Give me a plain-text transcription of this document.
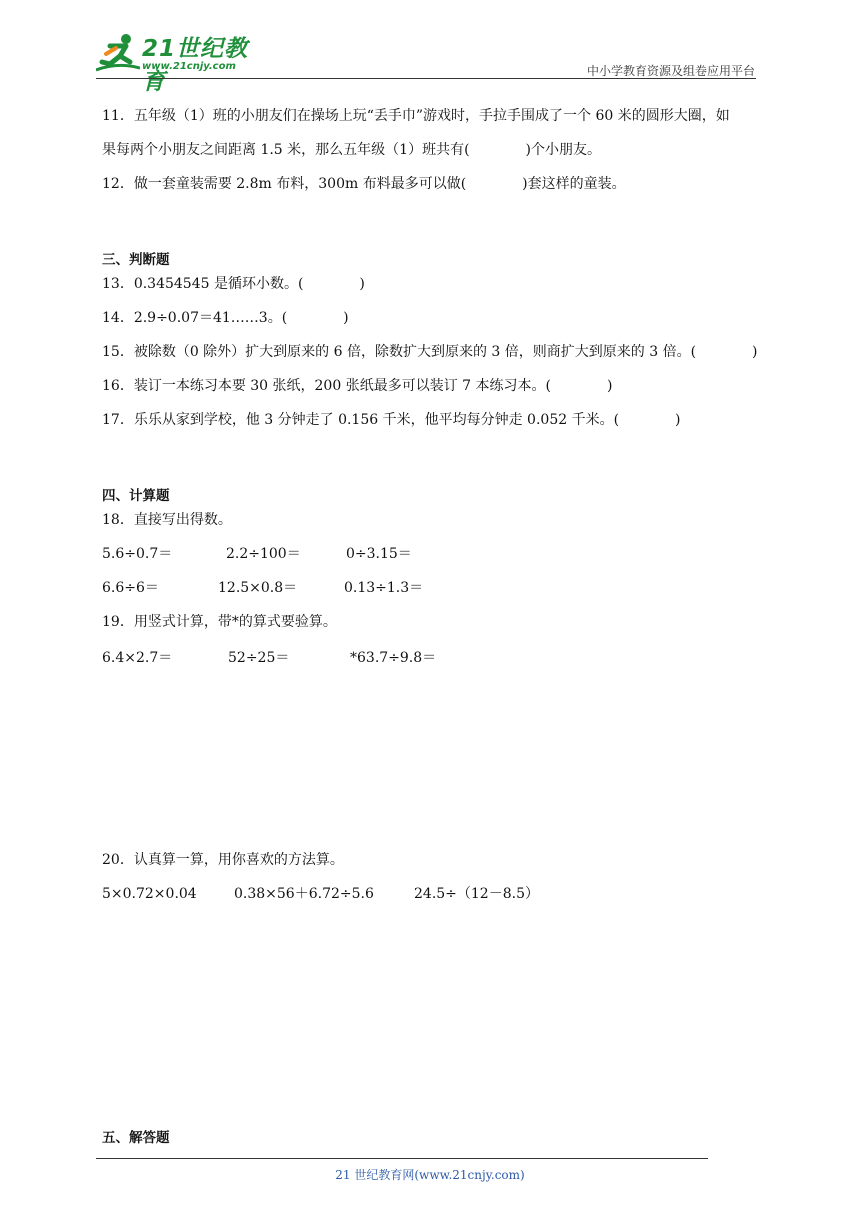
21世纪教育
www.21cnjy.com	中小学教育资源及组卷应用平台
11．五年级（1）班的小朋友们在操场上玩“丢手巾”游戏时，手拉手围成了一个 60 米的圆形大圈，如
果每两个小朋友之间距离 1.5 米，那么五年级（1）班共有(　　　　)个小朋友。
12．做一套童装需要 2.8m 布料，300m 布料最多可以做(　　　　)套这样的童装。
三、判断题
13．0.3454545 是循环小数。(　　　　)
14．2.9÷0.07＝41……3。(　　　　)
15．被除数（0 除外）扩大到原来的 6 倍，除数扩大到原来的 3 倍，则商扩大到原来的 3 倍。(　　　　)
16．装订一本练习本要 30 张纸，200 张纸最多可以装订 7 本练习本。(　　　　)
17．乐乐从家到学校，他 3 分钟走了 0.156 千米，他平均每分钟走 0.052 千米。(　　　　)
四、计算题
18．直接写出得数。
5.6÷0.7＝	2.2÷100＝	0÷3.15＝
6.6÷6＝	12.5×0.8＝	0.13÷1.3＝
19．用竖式计算，带*的算式要验算。
6.4×2.7＝	52÷25＝	*63.7÷9.8＝
20．认真算一算，用你喜欢的方法算。
5×0.72×0.04	0.38×56＋6.72÷5.6	24.5÷（12－8.5）
五、解答题
21 世纪教育网(www.21cnjy.com)
